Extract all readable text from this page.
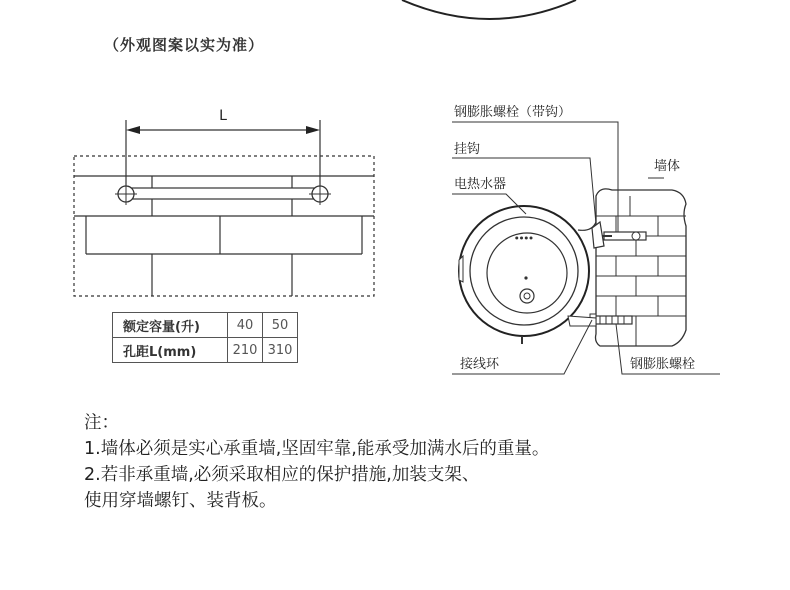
（外观图案以实为准）
L
● ● ● ●
钢膨胀螺栓（带钩）
挂钩
电热水器
墙体
接线环	钢膨胀螺栓
额定容量(升)	40	50
孔距L(mm)	210	310
注：
1.墙体必须是实心承重墙,坚固牢靠,能承受加满水后的重量。
2.若非承重墙,必须采取相应的保护措施,加装支架、
使用穿墙螺钉、装背板。
